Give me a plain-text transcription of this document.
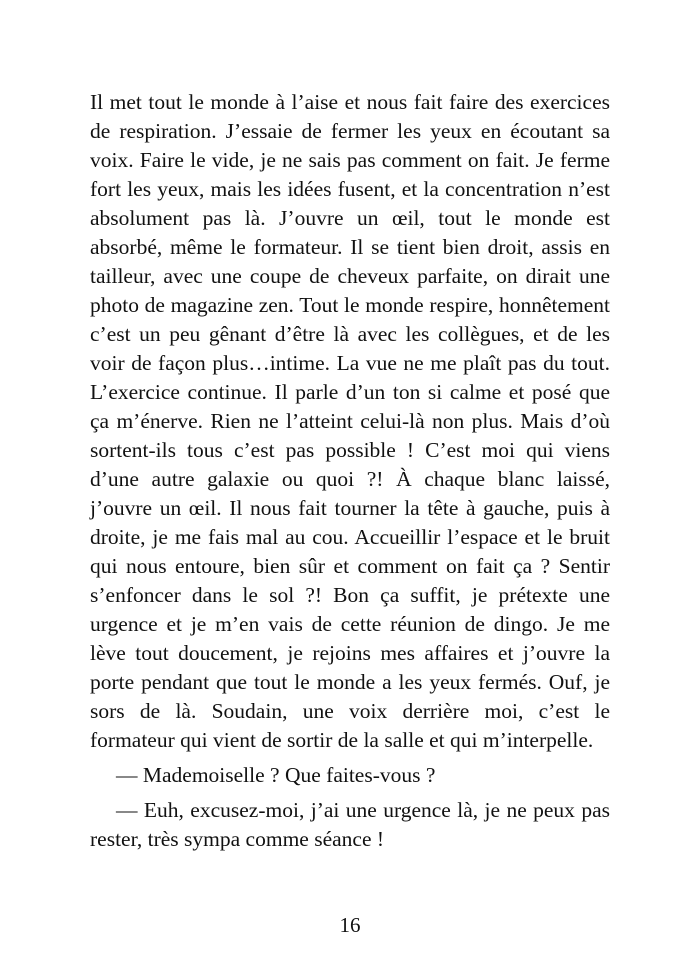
Il met tout le monde à l’aise et nous fait faire des exercices de respiration. J’essaie de fermer les yeux en écoutant sa voix. Faire le vide, je ne sais pas comment on fait. Je ferme fort les yeux, mais les idées fusent, et la concentration n’est absolument pas là. J’ouvre un œil, tout le monde est absorbé, même le formateur. Il se tient bien droit, assis en tailleur, avec une coupe de cheveux parfaite, on dirait une photo de magazine zen. Tout le monde respire, honnêtement c’est un peu gênant d’être là avec les collègues, et de les voir de façon plus…intime. La vue ne me plaît pas du tout. L’exercice continue. Il parle d’un ton si calme et posé que ça m’énerve. Rien ne l’atteint celui-là non plus. Mais d’où sortent-ils tous c’est pas possible ! C’est moi qui viens d’une autre galaxie ou quoi ?! À chaque blanc laissé, j’ouvre un œil. Il nous fait tourner la tête à gauche, puis à droite, je me fais mal au cou. Accueillir l’espace et le bruit qui nous entoure, bien sûr et comment on fait ça ? Sentir s’enfoncer dans le sol ?! Bon ça suffit, je prétexte une urgence et je m’en vais de cette réunion de dingo. Je me lève tout doucement, je rejoins mes affaires et j’ouvre la porte pendant que tout le monde a les yeux fermés. Ouf, je sors de là. Soudain, une voix derrière moi, c’est le formateur qui vient de sortir de la salle et qui m’interpelle.

— Mademoiselle ? Que faites-vous ?

— Euh, excusez-moi, j’ai une urgence là, je ne peux pas rester, très sympa comme séance !

16
